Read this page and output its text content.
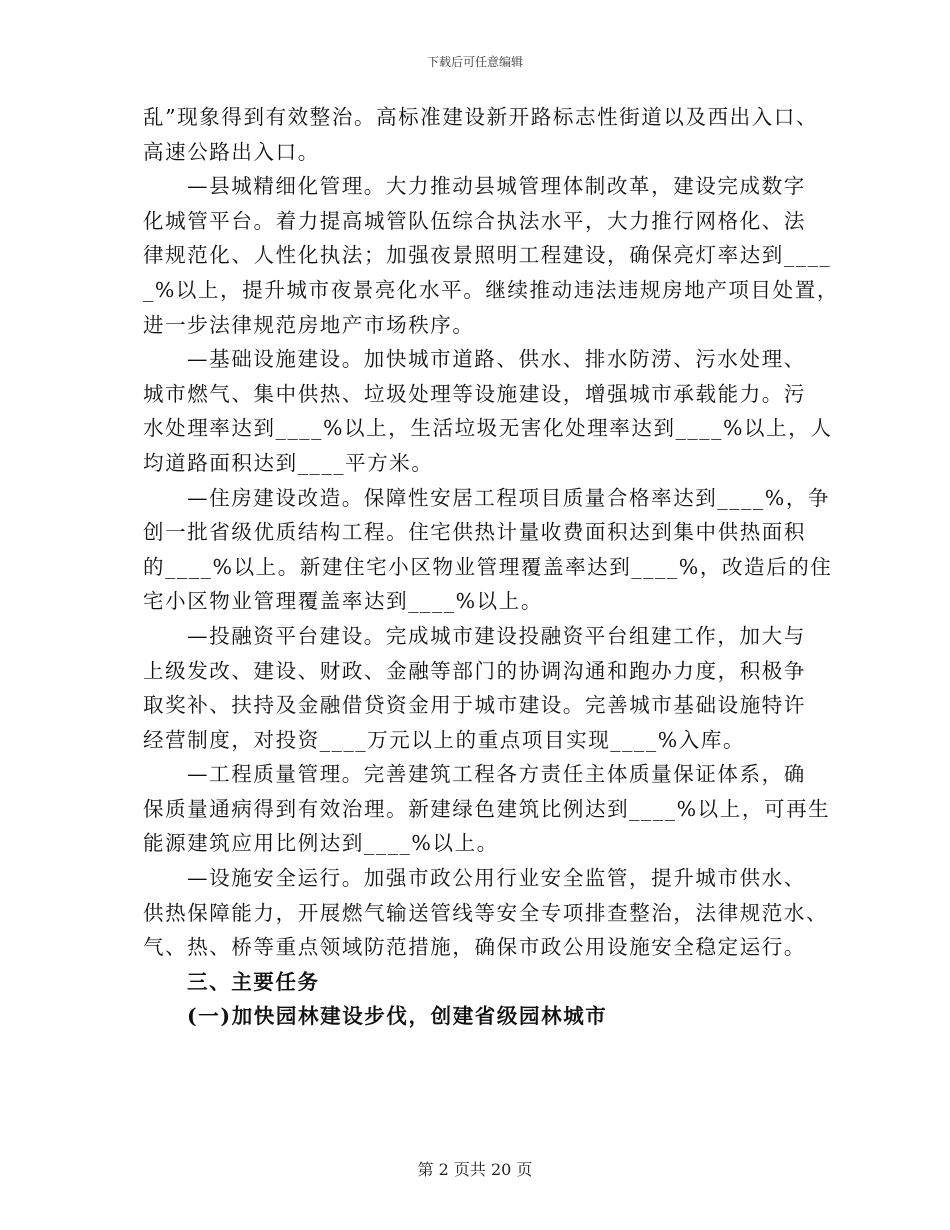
下载后可任意编辑

乱”现象得到有效整治。高标准建设新开路标志性街道以及西出入口、
高速公路出入口。

—县城精细化管理。大力推动县城管理体制改革，建设完成数字
化城管平台。着力提高城管队伍综合执法水平，大力推行网格化、法
律规范化、人性化执法；加强夜景照明工程建设，确保亮灯率达到____
_%以上，提升城市夜景亮化水平。继续推动违法违规房地产项目处置，
进一步法律规范房地产市场秩序。

—基础设施建设。加快城市道路、供水、排水防涝、污水处理、
城市燃气、集中供热、垃圾处理等设施建设，增强城市承载能力。污
水处理率达到____%以上，生活垃圾无害化处理率达到____%以上，人
均道路面积达到____平方米。

—住房建设改造。保障性安居工程项目质量合格率达到____%，争
创一批省级优质结构工程。住宅供热计量收费面积达到集中供热面积
的____%以上。新建住宅小区物业管理覆盖率达到____%，改造后的住
宅小区物业管理覆盖率达到____%以上。

—投融资平台建设。完成城市建设投融资平台组建工作，加大与
上级发改、建设、财政、金融等部门的协调沟通和跑办力度，积极争
取奖补、扶持及金融借贷资金用于城市建设。完善城市基础设施特许
经营制度，对投资____万元以上的重点项目实现____%入库。

—工程质量管理。完善建筑工程各方责任主体质量保证体系，确
保质量通病得到有效治理。新建绿色建筑比例达到____%以上，可再生
能源建筑应用比例达到____%以上。

—设施安全运行。加强市政公用行业安全监管，提升城市供水、
供热保障能力，开展燃气输送管线等安全专项排查整治，法律规范水、
气、热、桥等重点领域防范措施，确保市政公用设施安全稳定运行。

三、主要任务

(一)加快园林建设步伐，创建省级园林城市

第 2 页共 20 页
